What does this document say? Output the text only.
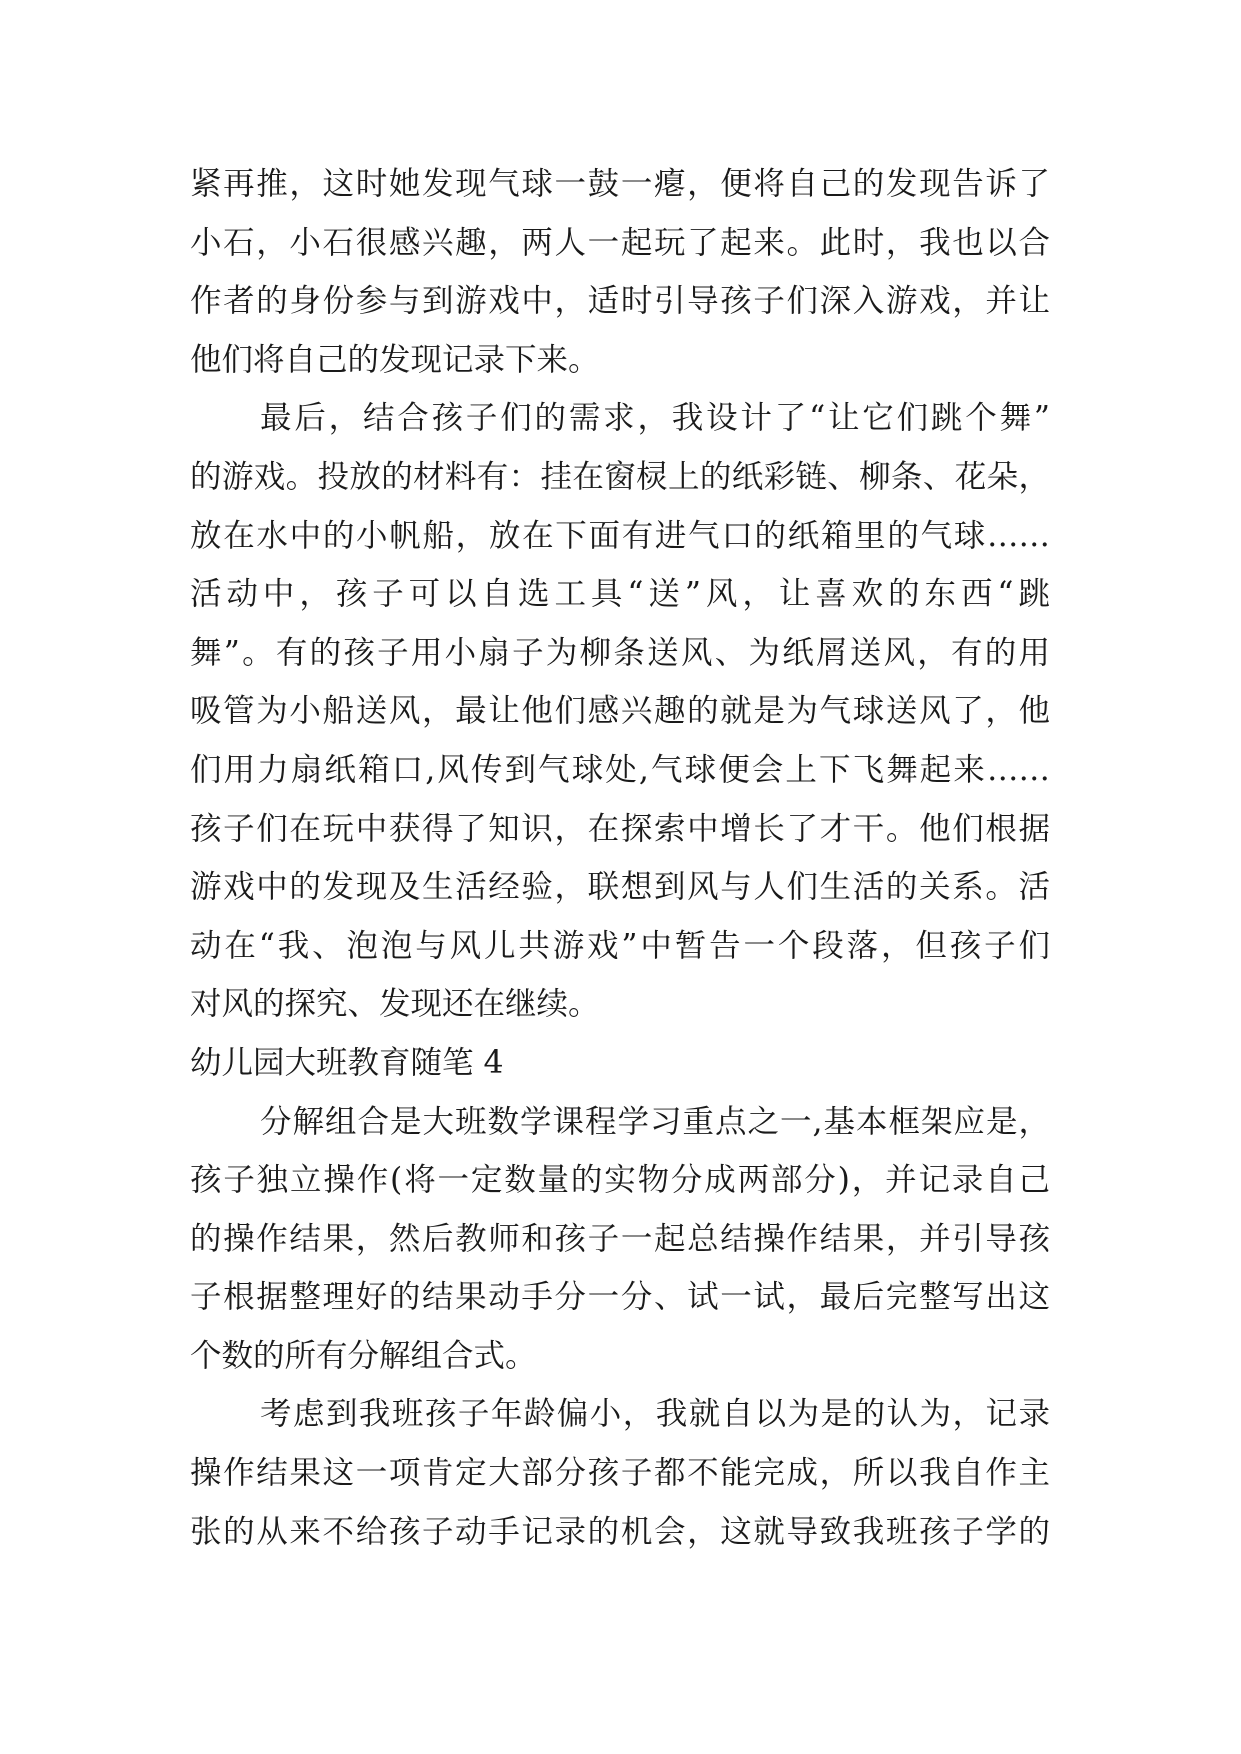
紧再推，这时她发现气球一鼓一瘪，便将自己的发现告诉了
小石，小石很感兴趣，两人一起玩了起来。此时，我也以合
作者的身份参与到游戏中，适时引导孩子们深入游戏，并让
他们将自己的发现记录下来。
最后，结合孩子们的需求，我设计了“让它们跳个舞”
的游戏。投放的材料有：挂在窗棂上的纸彩链、柳条、花朵，
放在水中的小帆船，放在下面有进气口的纸箱里的气球……
活动中，孩子可以自选工具“送”风，让喜欢的东西“跳
舞”。有的孩子用小扇子为柳条送风、为纸屑送风，有的用
吸管为小船送风，最让他们感兴趣的就是为气球送风了，他
们用力扇纸箱口,风传到气球处,气球便会上下飞舞起来……
孩子们在玩中获得了知识，在探索中增长了才干。他们根据
游戏中的发现及生活经验，联想到风与人们生活的关系。活
动在“我、泡泡与风儿共游戏”中暂告一个段落，但孩子们
对风的探究、发现还在继续。
幼儿园大班教育随笔 4
分解组合是大班数学课程学习重点之一,基本框架应是，
孩子独立操作(将一定数量的实物分成两部分)，并记录自己
的操作结果，然后教师和孩子一起总结操作结果，并引导孩
子根据整理好的结果动手分一分、试一试，最后完整写出这
个数的所有分解组合式。
考虑到我班孩子年龄偏小，我就自以为是的认为，记录
操作结果这一项肯定大部分孩子都不能完成，所以我自作主
张的从来不给孩子动手记录的机会，这就导致我班孩子学的
